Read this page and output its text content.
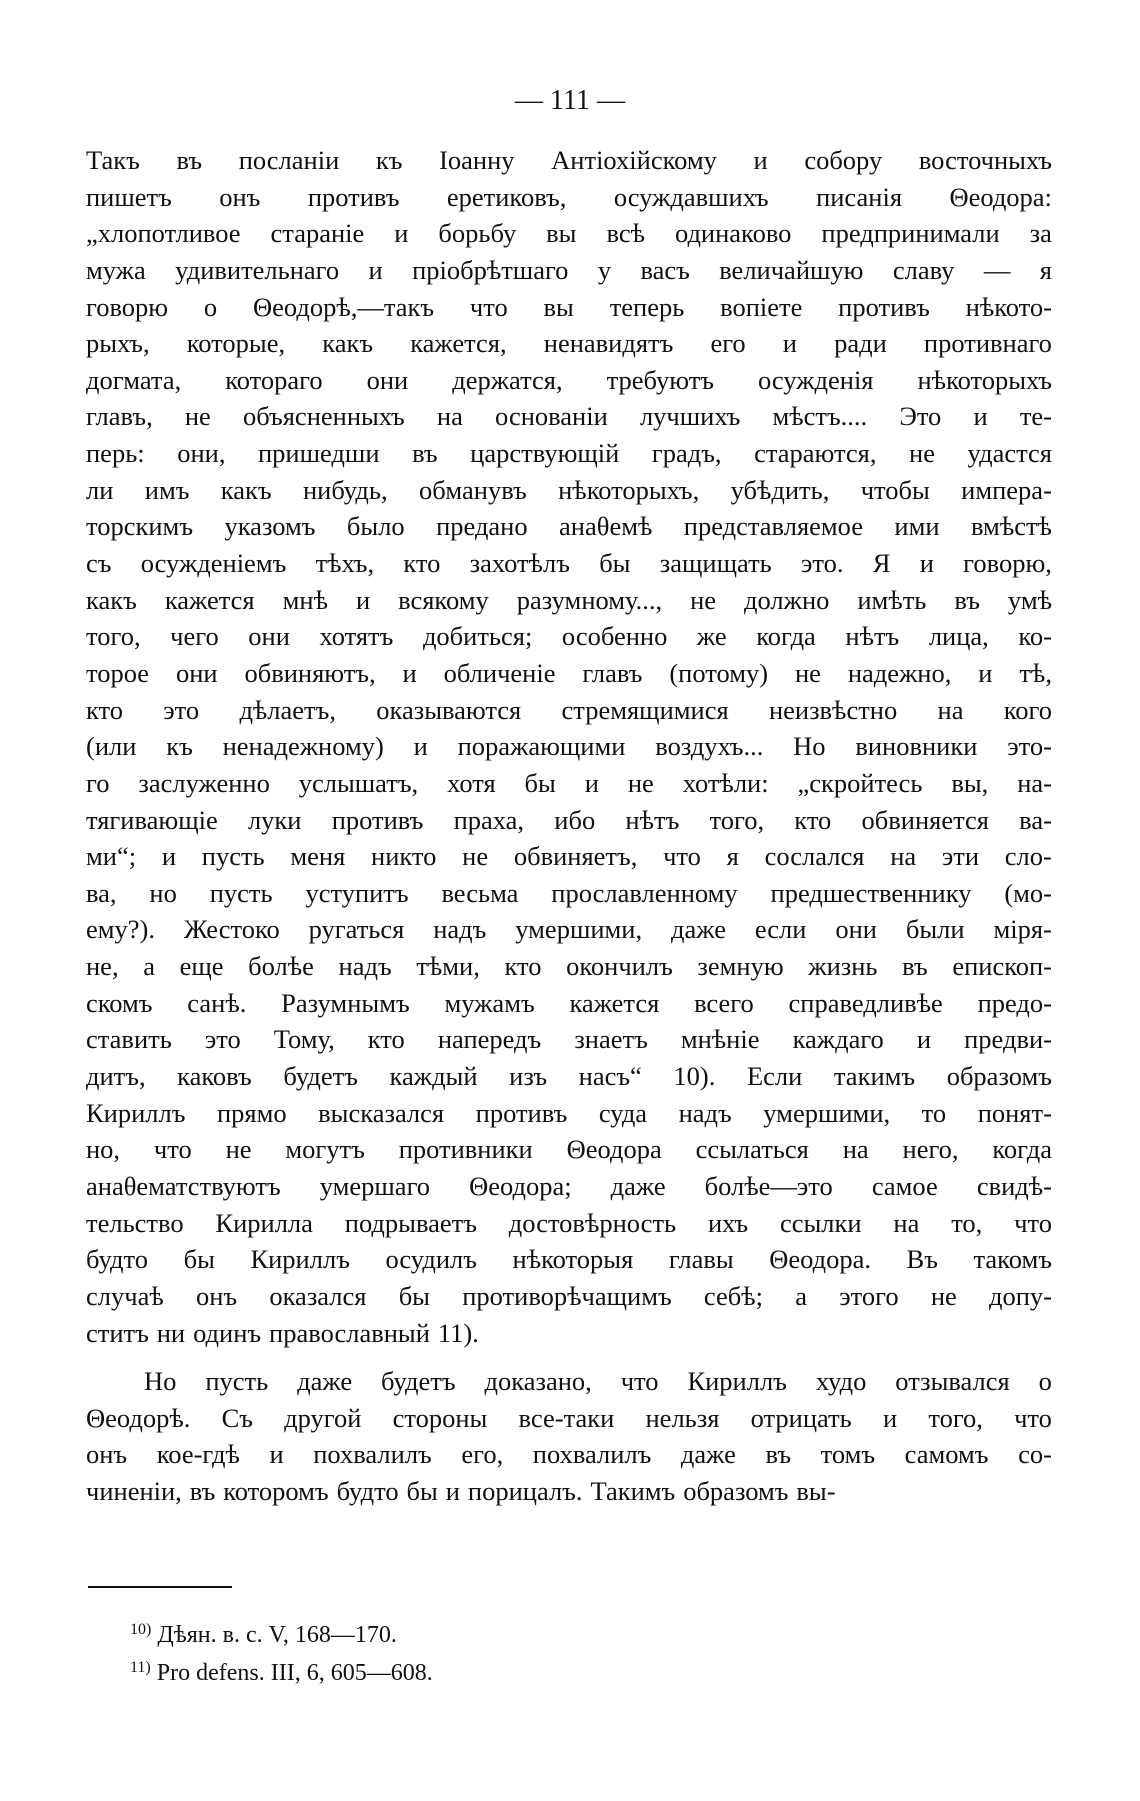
— 111 —
Такъ въ посланіи къ Іоанну Антіохійскому и собору восточныхъ
пишетъ онъ противъ еретиковъ, осуждавшихъ писанія Θеодора:
„хлопотливое стараніе и борьбу вы всѣ одинаково предпринимали за
мужа удивительнаго и пріобрѣтшаго у васъ величайшую славу — я
говорю о Θеодорѣ,—такъ что вы теперь вопіете противъ нѣкото-
рыхъ, которые, какъ кажется, ненавидятъ его и ради противнаго
догмата, котораго они держатся, требуютъ осужденія нѣкоторыхъ
главъ, не объясненныхъ на основаніи лучшихъ мѣстъ.... Это и те-
перь: они, пришедши въ царствующій градъ, стараются, не удастся
ли имъ какъ нибудь, обманувъ нѣкоторыхъ, убѣдить, чтобы импера-
торскимъ указомъ было предано анаθемѣ представляемое ими вмѣстѣ
съ осужденіемъ тѣхъ, кто захотѣлъ бы защищать это. Я и говорю,
какъ кажется мнѣ и всякому разумному..., не должно имѣть въ умѣ
того, чего они хотятъ добиться; особенно же когда нѣтъ лица, ко-
торое они обвиняютъ, и обличеніе главъ (потому) не надежно, и тѣ,
кто это дѣлаетъ, оказываются стремящимися неизвѣстно на кого
(или къ ненадежному) и поражающими воздухъ... Но виновники это-
го заслуженно услышатъ, хотя бы и не хотѣли: „скройтесь вы, на-
тягивающіе луки противъ праха, ибо нѣтъ того, кто обвиняется ва-
ми“; и пусть меня никто не обвиняетъ, что я сослался на эти сло-
ва, но пусть уступитъ весьма прославленному предшественнику (мо-
ему?). Жестоко ругаться надъ умершими, даже если они были міря-
не, а еще болѣе надъ тѣми, кто окончилъ земную жизнь въ епископ-
скомъ санѣ. Разумнымъ мужамъ кажется всего справедливѣе предо-
ставить это Тому, кто напередъ знаетъ мнѣніе каждаго и предви-
дитъ, каковъ будетъ каждый изъ насъ“ 10). Если такимъ образомъ
Кириллъ прямо высказался противъ суда надъ умершими, то понят-
но, что не могутъ противники Θеодора ссылаться на него, когда
анаθематствуютъ умершаго Θеодора; даже болѣе—это самое свидѣ-
тельство Кирилла подрываетъ достовѣрность ихъ ссылки на то, что
будто бы Кириллъ осудилъ нѣкоторыя главы Θеодора. Въ такомъ
случаѣ онъ оказался бы противорѣчащимъ себѣ; а этого не допу-
ститъ ни одинъ православный 11).
Но пусть даже будетъ доказано, что Кириллъ худо отзывался о
Θеодорѣ. Съ другой стороны все-таки нельзя отрицать и того, что
онъ кое-гдѣ и похвалилъ его, похвалилъ даже въ томъ самомъ со-
чиненіи, въ которомъ будто бы и порицалъ. Такимъ образомъ вы-
$^{10)}$ Дѣян. в. с. V, 168—170.
$^{11)}$ Pro defens. III, 6, 605—608.
